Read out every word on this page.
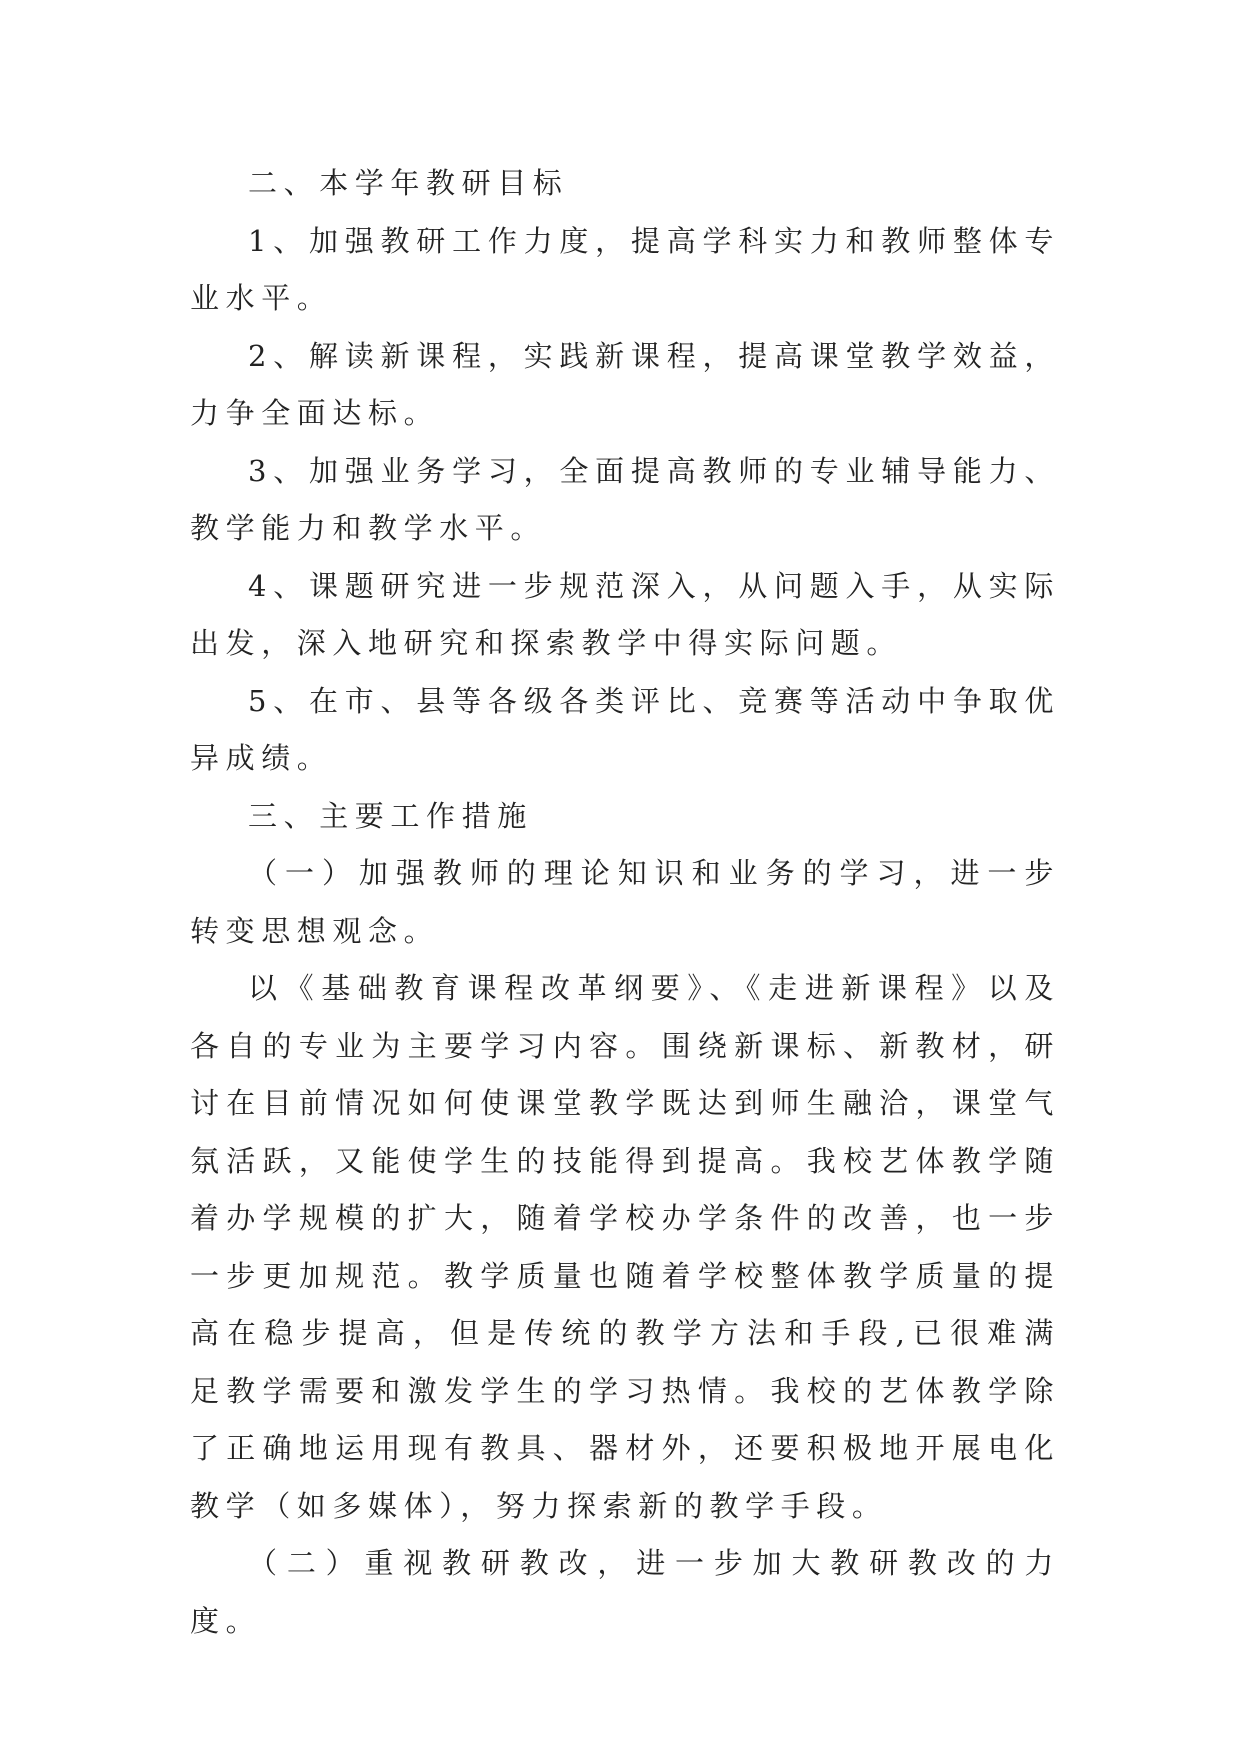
二、本学年教研目标

1、加强教研工作力度，提高学科实力和教师整体专业水平。

2、解读新课程，实践新课程，提高课堂教学效益，力争全面达标。

3、加强业务学习，全面提高教师的专业辅导能力、教学能力和教学水平。

4、课题研究进一步规范深入，从问题入手，从实际出发，深入地研究和探索教学中得实际问题。

5、在市、县等各级各类评比、竞赛等活动中争取优异成绩。

三、主要工作措施

（一）加强教师的理论知识和业务的学习，进一步转变思想观念。

以《基础教育课程改革纲要》、《走进新课程》以及各自的专业为主要学习内容。围绕新课标、新教材，研讨在目前情况如何使课堂教学既达到师生融洽，课堂气氛活跃，又能使学生的技能得到提高。我校艺体教学随着办学规模的扩大，随着学校办学条件的改善，也一步一步更加规范。教学质量也随着学校整体教学质量的提高在稳步提高，但是传统的教学方法和手段,已很难满足教学需要和激发学生的学习热情。我校的艺体教学除了正确地运用现有教具、器材外，还要积极地开展电化教学（如多媒体），努力探索新的教学手段。

（二）重视教研教改，进一步加大教研教改的力度。
